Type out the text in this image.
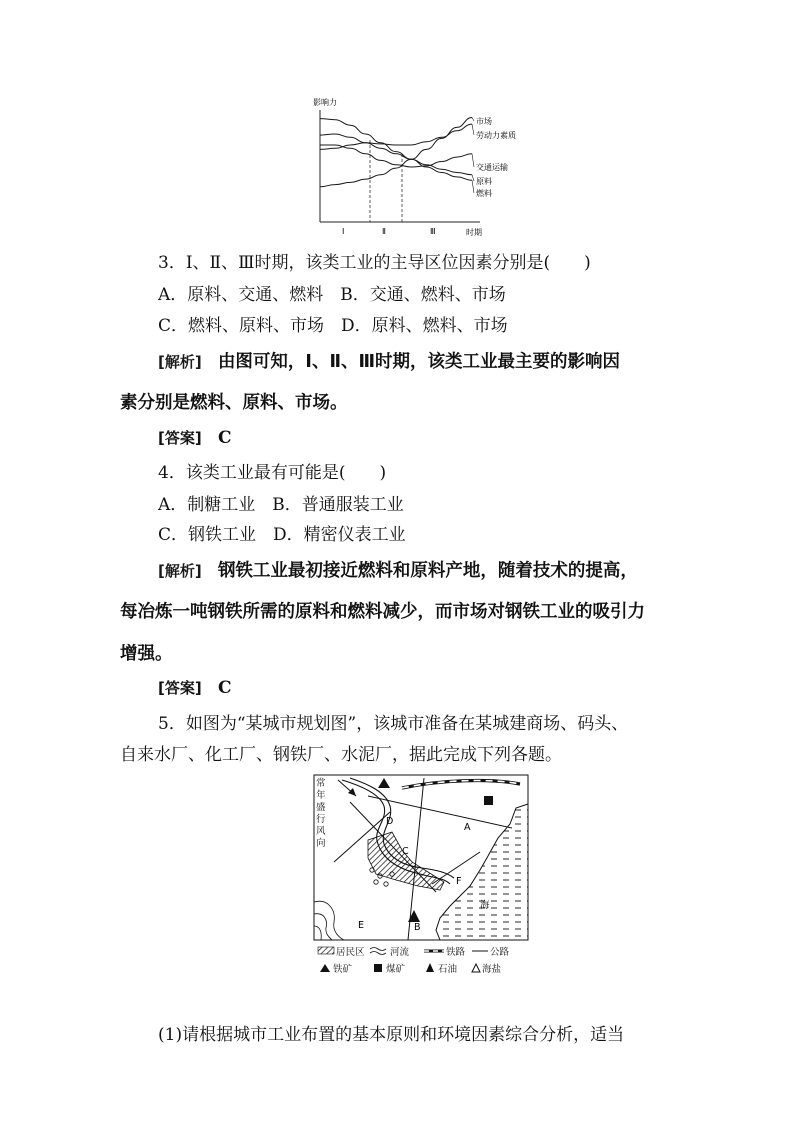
影响力
时期
Ⅰ	Ⅱ	Ⅲ
市场
劳动力素质
交通运输
原料
燃料
3．Ⅰ、Ⅱ、Ⅲ时期，该类工业的主导区位因素分别是(　　)
A．原料、交通、燃料　B．交通、燃料、市场
C．燃料、原料、市场　D．原料、燃料、市场
[解析] 由图可知，Ⅰ、Ⅱ、Ⅲ时期，该类工业最主要的影响因
素分别是燃料、原料、市场。
[答案] C
4．该类工业最有可能是(　　)
A．制糖工业　B．普通服装工业
C．钢铁工业　D．精密仪表工业
[解析] 钢铁工业最初接近燃料和原料产地，随着技术的提高，
每冶炼一吨钢铁所需的原料和燃料减少，而市场对钢铁工业的吸引力
增强。
[答案] C
5．如图为“某城市规划图”，该城市准备在某城建商场、码头、
自来水厂、化工厂、钢铁厂、水泥厂，据此完成下列各题。
常 年 盛 行 风 向
A
B
C
D
E
F
海
居民区	河流	铁路	公路
铁矿	煤矿	石油	海盐
(1)请根据城市工业布置的基本原则和环境因素综合分析，适当
